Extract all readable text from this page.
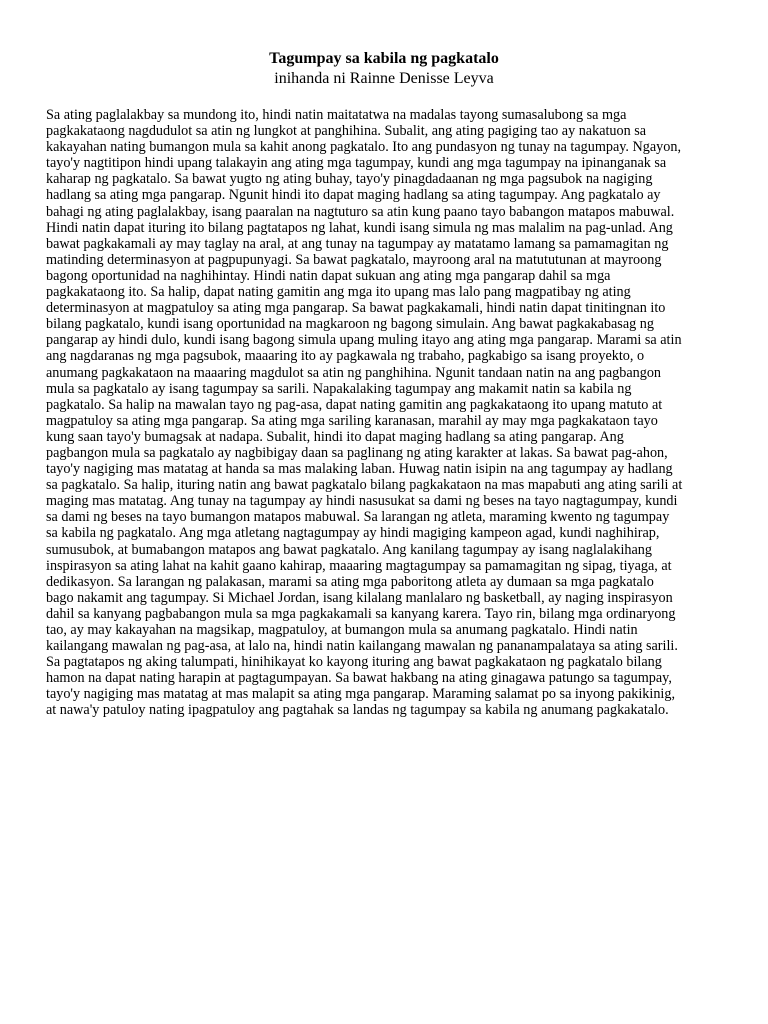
Tagumpay sa kabila ng pagkatalo
inihanda ni Rainne Denisse Leyva
Sa ating paglalakbay sa mundong ito, hindi natin maitatatwa na madalas tayong sumasalubong sa mga
pagkakataong nagdudulot sa atin ng lungkot at panghihina. Subalit, ang ating pagiging tao ay nakatuon sa
kakayahan nating bumangon mula sa kahit anong pagkatalo. Ito ang pundasyon ng tunay na tagumpay. Ngayon,
tayo'y nagtitipon hindi upang talakayin ang ating mga tagumpay, kundi ang mga tagumpay na ipinanganak sa
kaharap ng pagkatalo. Sa bawat yugto ng ating buhay, tayo'y pinagdadaanan ng mga pagsubok na nagiging
hadlang sa ating mga pangarap. Ngunit hindi ito dapat maging hadlang sa ating tagumpay. Ang pagkatalo ay
bahagi ng ating paglalakbay, isang paaralan na nagtuturo sa atin kung paano tayo babangon matapos mabuwal.
Hindi natin dapat ituring ito bilang pagtatapos ng lahat, kundi isang simula ng mas malalim na pag-unlad. Ang
bawat pagkakamali ay may taglay na aral, at ang tunay na tagumpay ay matatamo lamang sa pamamagitan ng
matinding determinasyon at pagpupunyagi. Sa bawat pagkatalo, mayroong aral na matututunan at mayroong
bagong oportunidad na naghihintay. Hindi natin dapat sukuan ang ating mga pangarap dahil sa mga
pagkakataong ito. Sa halip, dapat nating gamitin ang mga ito upang mas lalo pang magpatibay ng ating
determinasyon at magpatuloy sa ating mga pangarap. Sa bawat pagkakamali, hindi natin dapat tinitingnan ito
bilang pagkatalo, kundi isang oportunidad na magkaroon ng bagong simulain. Ang bawat pagkakabasag ng
pangarap ay hindi dulo, kundi isang bagong simula upang muling itayo ang ating mga pangarap. Marami sa atin
ang nagdaranas ng mga pagsubok, maaaring ito ay pagkawala ng trabaho, pagkabigo sa isang proyekto, o
anumang pagkakataon na maaaring magdulot sa atin ng panghihina. Ngunit tandaan natin na ang pagbangon
mula sa pagkatalo ay isang tagumpay sa sarili. Napakalaking tagumpay ang makamit natin sa kabila ng
pagkatalo. Sa halip na mawalan tayo ng pag-asa, dapat nating gamitin ang pagkakataong ito upang matuto at
magpatuloy sa ating mga pangarap. Sa ating mga sariling karanasan, marahil ay may mga pagkakataon tayo
kung saan tayo'y bumagsak at nadapa. Subalit, hindi ito dapat maging hadlang sa ating pangarap. Ang
pagbangon mula sa pagkatalo ay nagbibigay daan sa paglinang ng ating karakter at lakas. Sa bawat pag-ahon,
tayo'y nagiging mas matatag at handa sa mas malaking laban. Huwag natin isipin na ang tagumpay ay hadlang
sa pagkatalo. Sa halip, ituring natin ang bawat pagkatalo bilang pagkakataon na mas mapabuti ang ating sarili at
maging mas matatag. Ang tunay na tagumpay ay hindi nasusukat sa dami ng beses na tayo nagtagumpay, kundi
sa dami ng beses na tayo bumangon matapos mabuwal. Sa larangan ng atleta, maraming kwento ng tagumpay
sa kabila ng pagkatalo. Ang mga atletang nagtagumpay ay hindi magiging kampeon agad, kundi naghihirap,
sumusubok, at bumabangon matapos ang bawat pagkatalo. Ang kanilang tagumpay ay isang naglalakihang
inspirasyon sa ating lahat na kahit gaano kahirap, maaaring magtagumpay sa pamamagitan ng sipag, tiyaga, at
dedikasyon. Sa larangan ng palakasan, marami sa ating mga paboritong atleta ay dumaan sa mga pagkatalo
bago nakamit ang tagumpay. Si Michael Jordan, isang kilalang manlalaro ng basketball, ay naging inspirasyon
dahil sa kanyang pagbabangon mula sa mga pagkakamali sa kanyang karera. Tayo rin, bilang mga ordinaryong
tao, ay may kakayahan na magsikap, magpatuloy, at bumangon mula sa anumang pagkatalo. Hindi natin
kailangang mawalan ng pag-asa, at lalo na, hindi natin kailangang mawalan ng pananampalataya sa ating sarili.
Sa pagtatapos ng aking talumpati, hinihikayat ko kayong ituring ang bawat pagkakataon ng pagkatalo bilang
hamon na dapat nating harapin at pagtagumpayan. Sa bawat hakbang na ating ginagawa patungo sa tagumpay,
tayo'y nagiging mas matatag at mas malapit sa ating mga pangarap. Maraming salamat po sa inyong pakikinig,
at nawa'y patuloy nating ipagpatuloy ang pagtahak sa landas ng tagumpay sa kabila ng anumang pagkakatalo.
